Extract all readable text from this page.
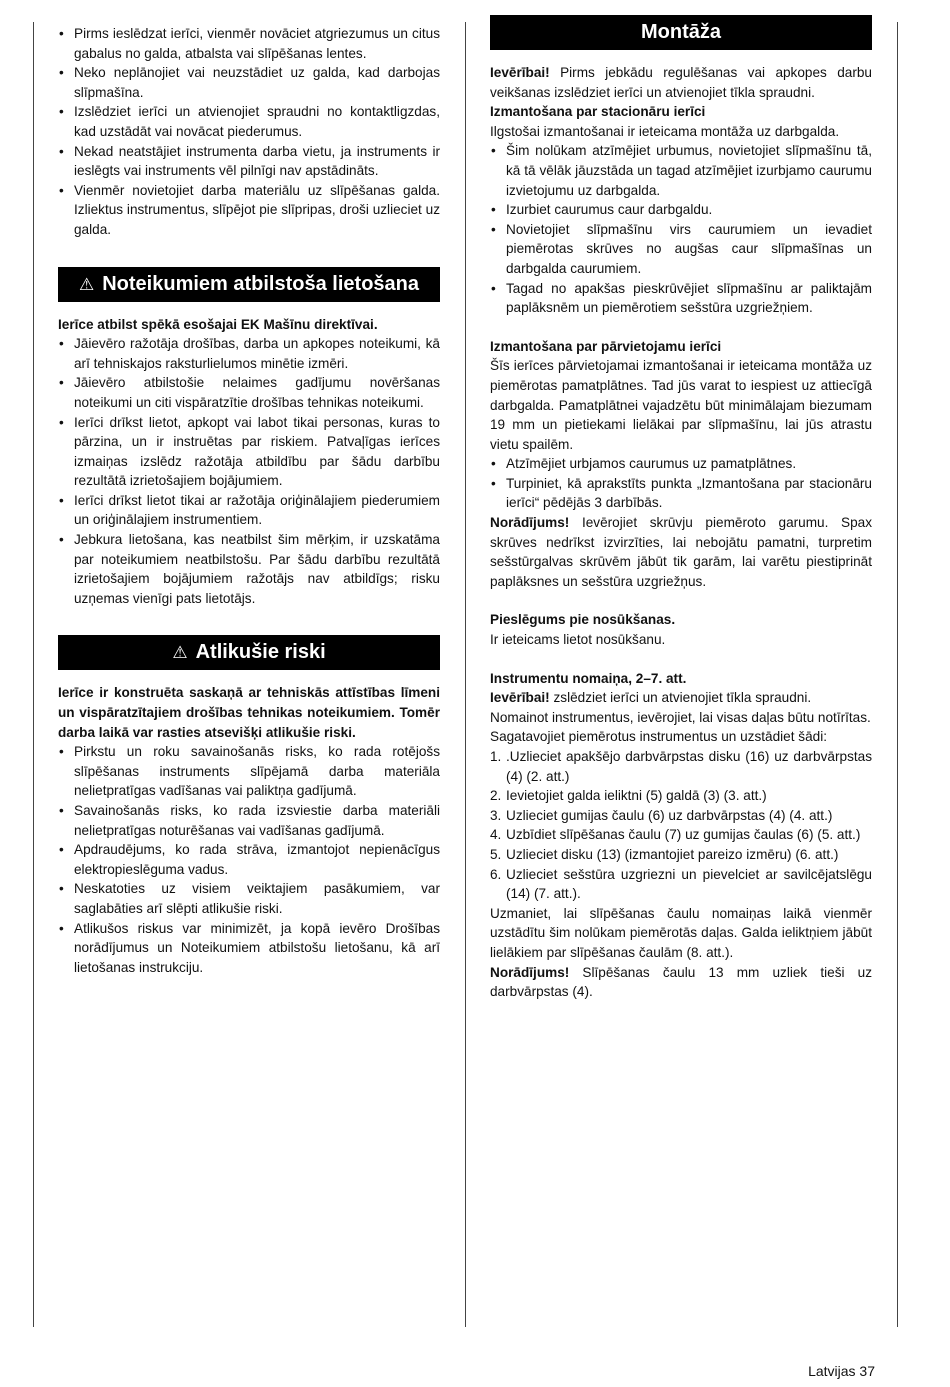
• Pirms ieslēdzat ierīci, vienmēr novāciet atgriezumus un citus gabalus no galda, atbalsta vai slīpēšanas lentes.
• Neko neplānojiet vai neuzstādiet uz galda, kad darbojas slīpmašīna.
• Izslēdziet ierīci un atvienojiet spraudni no kontaktligzdas, kad uzstādāt vai novācat piederumus.
• Nekad neatstājiet instrumenta darba vietu, ja instruments ir ieslēgts vai instruments vēl pilnīgi nav apstādināts.
• Vienmēr novietojiet darba materiālu uz slīpēšanas galda. Izliektus instrumentus, slīpējot pie slīpripas, droši uzlieciet uz galda.
⚠ Noteikumiem atbilstoša lietošana

Ierīce atbilst spēkā esošajai EK Mašīnu direktīvai.

• Jāievēro ražotāja drošības, darba un apkopes noteikumi, kā arī tehniskajos raksturlielumos minētie izmēri.
• Jāievēro atbilstošie nelaimes gadījumu novēršanas noteikumi un citi vispāratzītie drošības tehnikas noteikumi.
• Ierīci drīkst lietot, apkopt vai labot tikai personas, kuras to pārzina, un ir instruētas par riskiem. Patvaļīgas ierīces izmaiņas izslēdz ražotāja atbildību par šādu darbību rezultātā izrietošajiem bojājumiem.
• Ierīci drīkst lietot tikai ar ražotāja oriģinālajiem piederumiem un oriģinālajiem instrumentiem.
• Jebkura lietošana, kas neatbilst šim mērķim, ir uzskatāma par noteikumiem neatbilstošu. Par šādu darbību rezultātā izrietošajiem bojājumiem ražotājs nav atbildīgs; risku uzņemas vienīgi pats lietotājs.
⚠ Atlikušie riski

Ierīce ir konstruēta saskaņā ar tehniskās attīstības līmeni un vispāratzītajiem drošības tehnikas noteikumiem. Tomēr darba laikā var rasties atsevišķi atlikušie riski.

• Pirkstu un roku savainošanās risks, ko rada rotējošs slīpēšanas instruments slīpējamā darba materiāla nelietpratīgas vadīšanas vai paliktņa gadījumā.
• Savainošanās risks, ko rada izsviestie darba materiāli nelietpratīgas noturēšanas vai vadīšanas gadījumā.
• Apdraudējums, ko rada strāva, izmantojot nepienācīgus elektropieslēguma vadus.
• Neskatoties uz visiem veiktajiem pasākumiem, var saglabāties arī slēpti atlikušie riski.
• Atlikušos riskus var minimizēt, ja kopā ievēro Drošības norādījumus un Noteikumiem atbilstošu lietošanu, kā arī lietošanas instrukciju.
Montāža

Ievērībai! Pirms jebkādu regulēšanas vai apkopes darbu veikšanas izslēdziet ierīci un atvienojiet tīkla spraudni.

Izmantošana par stacionāru ierīci

Ilgstošai izmantošanai ir ieteicama montāža uz darbgalda.

• Šim nolūkam atzīmējiet urbumus, novietojiet slīpmašīnu tā, kā tā vēlāk jāuzstāda un tagad atzīmējiet izurbjamo caurumu izvietojumu uz darbgalda.
• Izurbiet caurumus caur darbgaldu.
• Novietojiet slīpmašīnu virs caurumiem un ievadiet piemērotas skrūves no augšas caur slīpmašīnas un darbgalda caurumiem.
• Tagad no apakšas pieskrūvējiet slīpmašīnu ar paliktajām paplāksnēm un piemērotiem sešstūra uzgriežņiem.

Izmantošana par pārvietojamu ierīci

Šīs ierīces pārvietojamai izmantošanai ir ieteicama montāža uz piemērotas pamatplātnes. Tad jūs varat to iespiest uz attiecīgā darbgalda. Pamatplātnei vajadzētu būt minimālajam biezumam 19 mm un pietiekami lielākai par slīpmašīnu, lai jūs atrastu vietu spailēm.

• Atzīmējiet urbjamos caurumus uz pamatplātnes.
• Turpiniet, kā aprakstīts punkta „Izmantošana par stacionāru ierīci“ pēdējās 3 darbībās.

Norādījums! Ievērojiet skrūvju piemēroto garumu. Spax skrūves nedrīkst izvirzīties, lai nebojātu pamatni, turpretim sešstūrgalvas skrūvēm jābūt tik garām, lai varētu piestiprināt paplāksnes un sešstūra uzgriežņus.

Pieslēgums pie nosūkšanas.

Ir ieteicams lietot nosūkšanu.

Instrumentu nomaiņa, 2–7. att.

Ievērībai! zslēdziet ierīci un atvienojiet tīkla spraudni.

Nomainot instrumentus, ievērojiet, lai visas daļas būtu notīrītas.

Sagatavojiet piemērotus instrumentus un uzstādiet šādi:

1. .Uzlieciet apakšējo darbvārpstas disku (16) uz darbvārpstas (4) (2. att.)
2. Ievietojiet galda ieliktni (5) galdā (3) (3. att.)
3. Uzlieciet gumijas čaulu (6) uz darbvārpstas (4) (4. att.)
4. Uzbīdiet slīpēšanas čaulu (7) uz gumijas čaulas (6) (5. att.)
5. Uzlieciet disku (13) (izmantojiet pareizo izmēru) (6. att.)
6. Uzlieciet sešstūra uzgriezni un pievelciet ar savilcējatslēgu (14) (7. att.).

Uzmaniet, lai slīpēšanas čaulu nomaiņas laikā vienmēr uzstādītu šim nolūkam piemērotās daļas. Galda ieliktņiem jābūt lielākiem par slīpēšanas čaulām (8. att.).

Norādījums! Slīpēšanas čaulu 13 mm uzliek tieši uz darbvārpstas (4).

Latvijas 37
